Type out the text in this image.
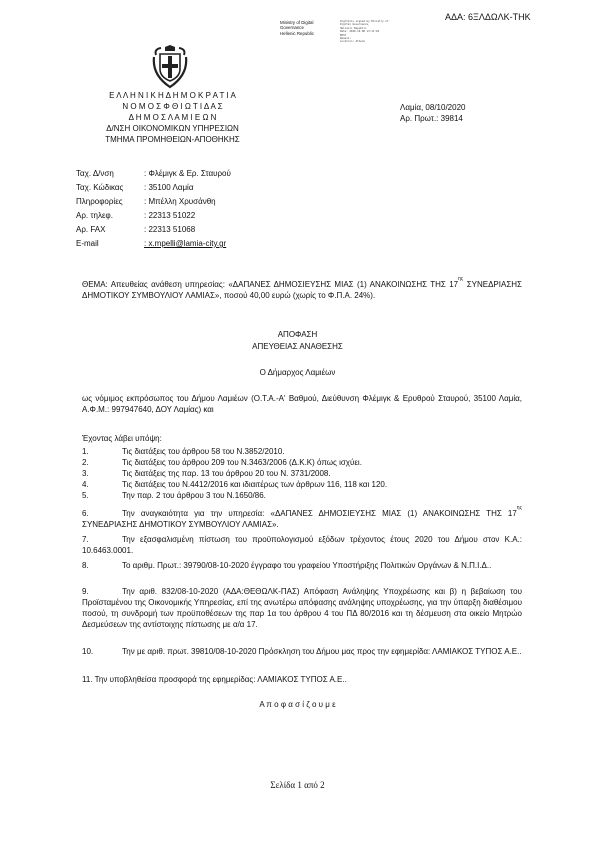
ΑΔΑ: 6ΞΛΔΩΛΚ-ΤΗΚ
Ministry of Digital
Governance
Hellenic Republic
Digitally signed by Ministry of
Digital Governance,
Hellenic Republic
Date: 2020.10.08 13:11:18
EEST
Reason:
Location: Athens
Ε Λ Λ Η Ν Ι Κ Η Δ Η Μ Ο Κ Ρ Α Τ Ι Α
Ν Ο Μ Ο Σ Φ Θ Ι Ω Τ Ι Δ Α Σ
Δ Η Μ Ο Σ Λ Α Μ Ι Ε Ω Ν
Δ/ΝΣΗ ΟΙΚΟΝΟΜΙΚΩΝ ΥΠΗΡΕΣΙΩΝ
ΤΜΗΜΑ ΠΡΟΜΗΘΕΙΩΝ-ΑΠΟΘΗΚΗΣ
Λαμία, 08/10/2020
Αρ. Πρωτ.: 39814
Ταχ. Δ/νση	: Φλέμιγκ & Ερ. Σταυρού
Ταχ. Κώδικας	: 35100 Λαμία
Πληροφορίες	: Μπέλλη Χρυσάνθη
Αρ. τηλεφ.	: 22313 51022
Αρ. FAX	: 22313 51068
E-mail	: x.mpelli@lamia-city.gr
ΘΕΜΑ: Απευθείας ανάθεση υπηρεσίας: «ΔΑΠΑΝΕΣ ΔΗΜΟΣΙΕΥΣΗΣ ΜΙΑΣ (1) ΑΝΑΚΟΙΝΩΣΗΣ ΤΗΣ $17^{\eta\varsigma}$ ΣΥΝΕΔΡΙΑΣΗΣ ΔΗΜΟΤΙΚΟΥ ΣΥΜΒΟΥΛΙΟΥ ΛΑΜΙΑΣ», ποσού 40,00 ευρώ (χωρίς το Φ.Π.Α. 24%).
ΑΠΟΦΑΣΗ
ΑΠΕΥΘΕΙΑΣ ΑΝΑΘΕΣΗΣ
Ο Δήμαρχος Λαμιέων
ως νόμιμος εκπρόσωπος του Δήμου Λαμιέων (Ο.Τ.Α.-Α' Βαθμού, Διεύθυνση Φλέμιγκ & Ερυθρού Σταυρού, 35100 Λαμία, Α.Φ.Μ.: 997947640, ΔΟΥ Λαμίας) και
Έχοντας λάβει υπόψη:
1.	Τις διατάξεις του άρθρου 58 του Ν.3852/2010.
2.	Τις διατάξεις του άρθρου 209 του Ν.3463/2006 (Δ.Κ.Κ) όπως ισχύει.
3.	Τις διατάξεις της παρ. 13 του άρθρου 20 του Ν. 3731/2008.
4.	Τις διατάξεις του Ν.4412/2016 και ιδιαιτέρως των άρθρων 116, 118 και 120.
5.	Την παρ. 2 του άρθρου 3 του Ν.1650/86.
6.	Την αναγκαιότητα για την υπηρεσία: «ΔΑΠΑΝΕΣ ΔΗΜΟΣΙΕΥΣΗΣ ΜΙΑΣ (1) ΑΝΑΚΟΙΝΩΣΗΣ ΤΗΣ $17^{\eta\varsigma}$ ΣΥΝΕΔΡΙΑΣΗΣ ΔΗΜΟΤΙΚΟΥ ΣΥΜΒΟΥΛΙΟΥ ΛΑΜΙΑΣ».
7.	Την εξασφαλισμένη πίστωση του προϋπολογισμού εξόδων τρέχοντος έτους 2020 του Δήμου στον Κ.Α.: 10.6463.0001.
8.	Το αριθμ. Πρωτ.: 39790/08-10-2020 έγγραφο του γραφείου Υποστήριξης Πολιτικών Οργάνων & Ν.Π.Ι.Δ..
9.	Την αριθ. 832/08-10-2020 (ΑΔΑ:ΘΕΘΩΛΚ-ΠΑΣ) Απόφαση Ανάληψης Υποχρέωσης και β) η βεβαίωση του Προϊσταμένου της Οικονομικής Υπηρεσίας, επί της ανωτέρω απόφασης ανάληψης υποχρέωσης, για την ύπαρξη διαθέσιμου ποσού, τη συνδρομή των προϋποθέσεων της παρ 1α του άρθρου 4 του ΠΔ 80/2016 και τη δέσμευση στα οικείο Μητρώο Δεσμεύσεων της αντίστοιχης πίστωσης με α/α 17.
10.	Την με αριθ. πρωτ. 39810/08-10-2020 Πρόσκληση του Δήμου μας προς την εφημερίδα: ΛΑΜΙΑΚΟΣ ΤΥΠΟΣ Α.Ε..
11. Την υποβληθείσα προσφορά της εφημερίδας: ΛΑΜΙΑΚΟΣ ΤΥΠΟΣ Α.Ε..
Α π ο φ α σ ί ζ ο υ μ ε
Σελίδα 1 από 2
